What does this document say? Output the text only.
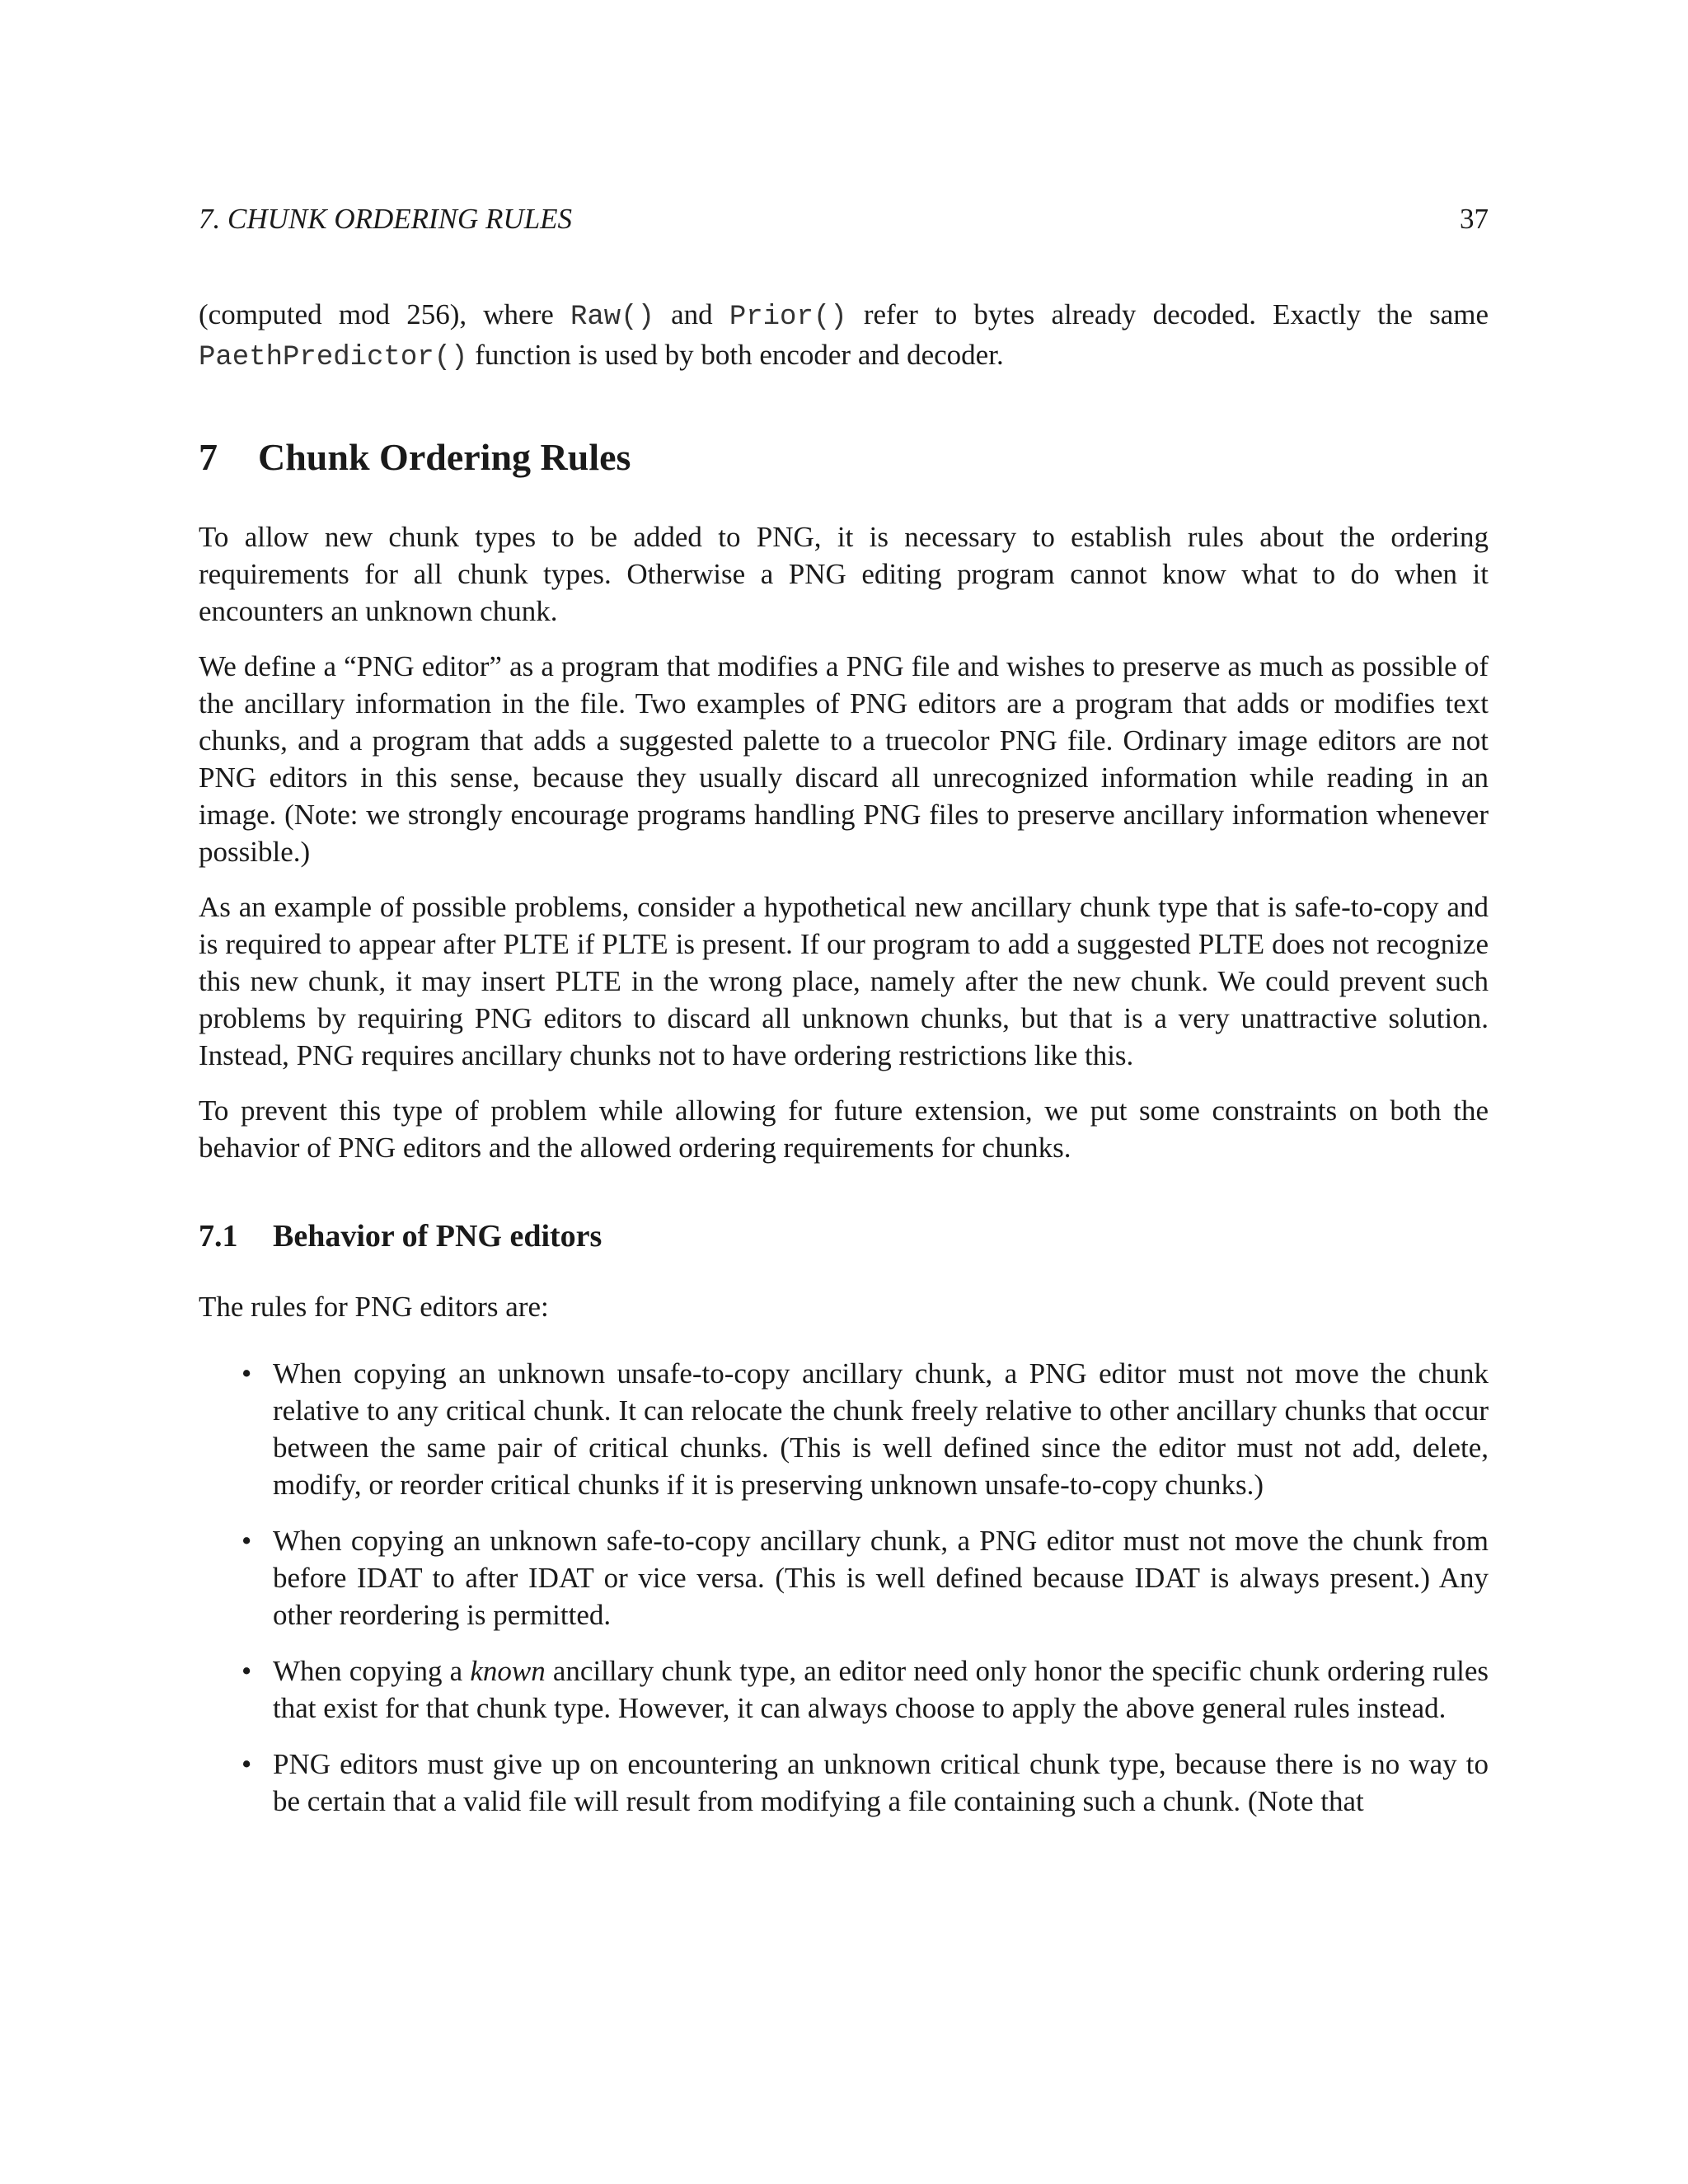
7. CHUNK ORDERING RULES	37

(computed mod 256), where Raw() and Prior() refer to bytes already decoded. Exactly the same PaethPredictor() function is used by both encoder and decoder.

7 Chunk Ordering Rules

To allow new chunk types to be added to PNG, it is necessary to establish rules about the ordering requirements for all chunk types. Otherwise a PNG editing program cannot know what to do when it encounters an unknown chunk.

We define a “PNG editor” as a program that modifies a PNG file and wishes to preserve as much as possible of the ancillary information in the file. Two examples of PNG editors are a program that adds or modifies text chunks, and a program that adds a suggested palette to a truecolor PNG file. Ordinary image editors are not PNG editors in this sense, because they usually discard all unrecognized information while reading in an image. (Note: we strongly encourage programs handling PNG files to preserve ancillary information whenever possible.)

As an example of possible problems, consider a hypothetical new ancillary chunk type that is safe-to-copy and is required to appear after PLTE if PLTE is present. If our program to add a suggested PLTE does not recognize this new chunk, it may insert PLTE in the wrong place, namely after the new chunk. We could prevent such problems by requiring PNG editors to discard all unknown chunks, but that is a very unattractive solution. Instead, PNG requires ancillary chunks not to have ordering restrictions like this.

To prevent this type of problem while allowing for future extension, we put some constraints on both the behavior of PNG editors and the allowed ordering requirements for chunks.

7.1 Behavior of PNG editors

The rules for PNG editors are:

• When copying an unknown unsafe-to-copy ancillary chunk, a PNG editor must not move the chunk relative to any critical chunk. It can relocate the chunk freely relative to other ancillary chunks that occur between the same pair of critical chunks. (This is well defined since the editor must not add, delete, modify, or reorder critical chunks if it is preserving unknown unsafe-to-copy chunks.)
• When copying an unknown safe-to-copy ancillary chunk, a PNG editor must not move the chunk from before IDAT to after IDAT or vice versa. (This is well defined because IDAT is always present.) Any other reordering is permitted.
• When copying a known ancillary chunk type, an editor need only honor the specific chunk ordering rules that exist for that chunk type. However, it can always choose to apply the above general rules instead.
• PNG editors must give up on encountering an unknown critical chunk type, because there is no way to be certain that a valid file will result from modifying a file containing such a chunk. (Note that
